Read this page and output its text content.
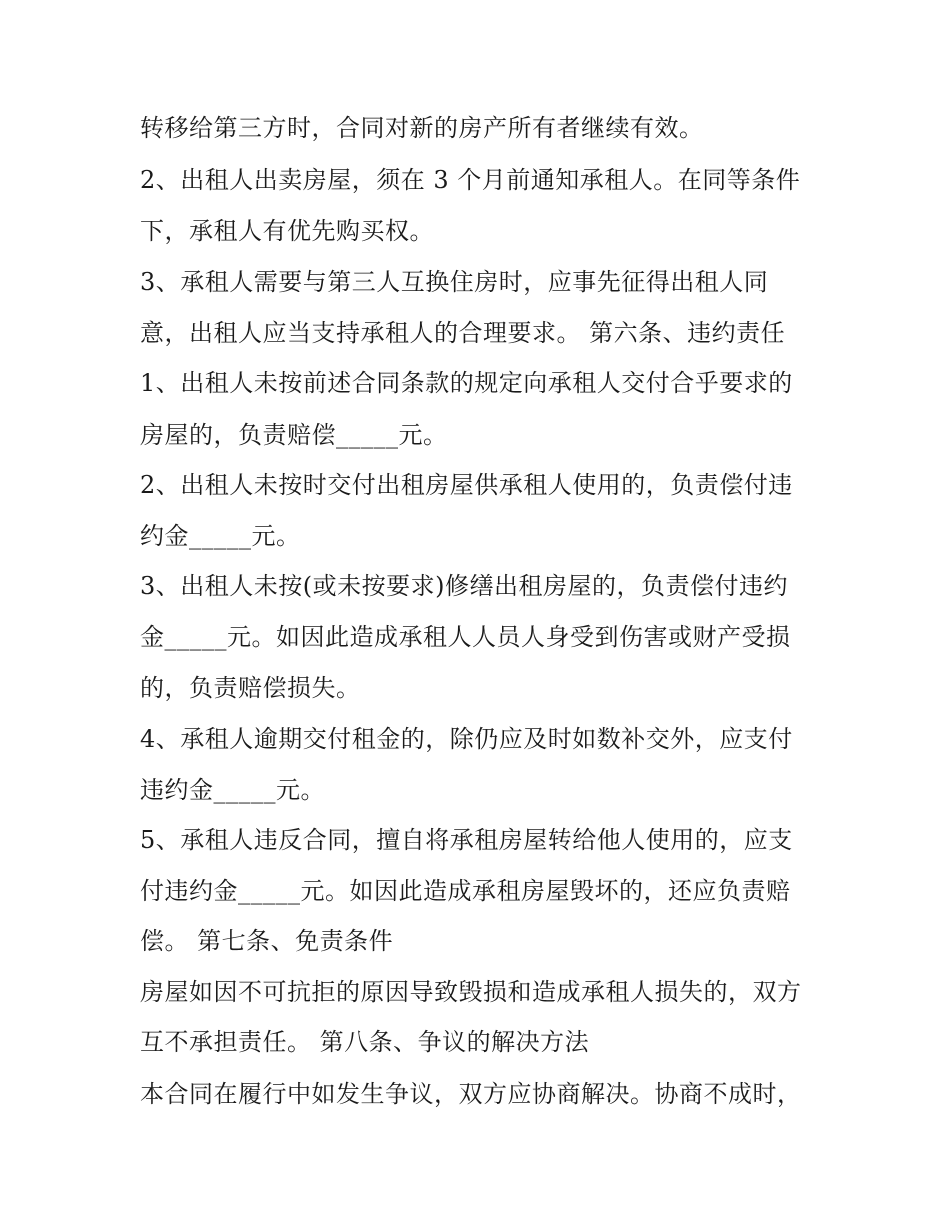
转移给第三方时，合同对新的房产所有者继续有效。

2、出租人出卖房屋，须在 3 个月前通知承租人。在同等条件

下，承租人有优先购买权。

3、承租人需要与第三人互换住房时，应事先征得出租人同

意，出租人应当支持承租人的合理要求。 第六条、违约责任

1、出租人未按前述合同条款的规定向承租人交付合乎要求的

房屋的，负责赔偿_____元。

2、出租人未按时交付出租房屋供承租人使用的，负责偿付违

约金_____元。

3、出租人未按(或未按要求)修缮出租房屋的，负责偿付违约

金_____元。如因此造成承租人人员人身受到伤害或财产受损

的，负责赔偿损失。

4、承租人逾期交付租金的，除仍应及时如数补交外，应支付

违约金_____元。

5、承租人违反合同，擅自将承租房屋转给他人使用的，应支

付违约金_____元。如因此造成承租房屋毁坏的，还应负责赔

偿。 第七条、免责条件

房屋如因不可抗拒的原因导致毁损和造成承租人损失的，双方

互不承担责任。 第八条、争议的解决方法

本合同在履行中如发生争议，双方应协商解决。协商不成时，
